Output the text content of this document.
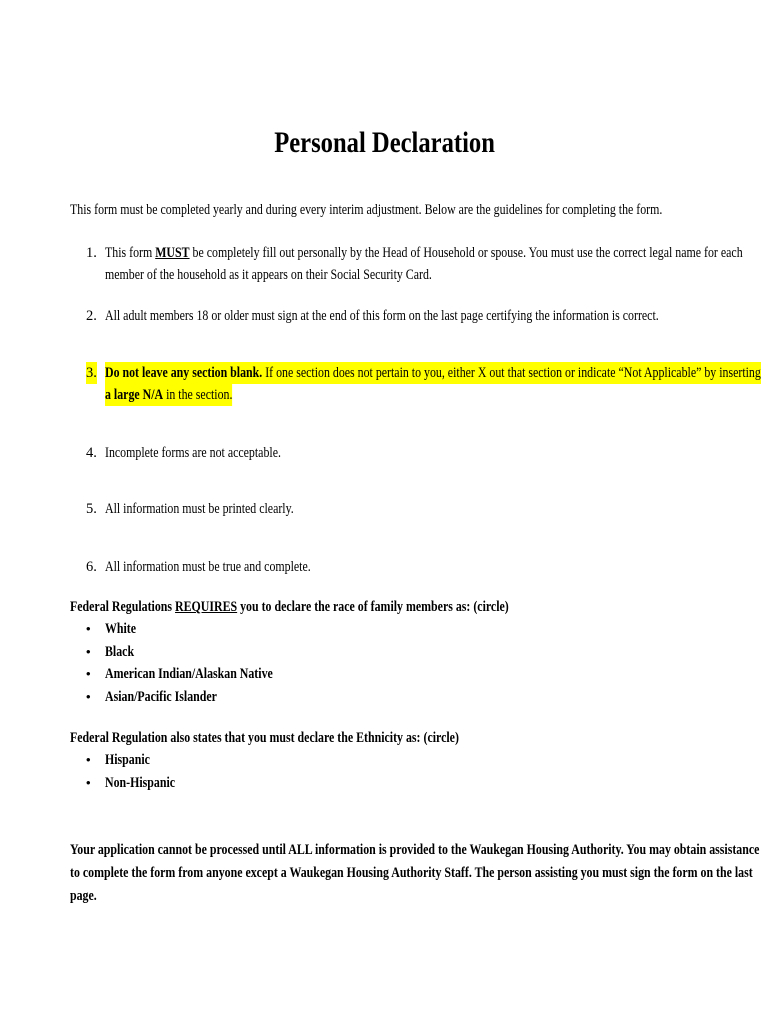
Personal Declaration
This form must be completed yearly and during every interim adjustment. Below are the guidelines for completing the form.
1. This form MUST be completely fill out personally by the Head of Household or spouse. You must use the correct legal name for each
member of the household as it appears on their Social Security Card.
2. All adult members 18 or older must sign at the end of this form on the last page certifying the information is correct.
3. Do not leave any section blank. If one section does not pertain to you, either X out that section or indicate “Not Applicable” by inserting
a large N/A in the section.
4. Incomplete forms are not acceptable.
5. All information must be printed clearly.
6. All information must be true and complete.
Federal Regulations REQUIRES you to declare the race of family members as: (circle)
• White
• Black
• American Indian/Alaskan Native
• Asian/Pacific Islander
Federal Regulation also states that you must declare the Ethnicity as: (circle)
• Hispanic
• Non-Hispanic
Your application cannot be processed until ALL information is provided to the Waukegan Housing Authority. You may obtain assistance
to complete the form from anyone except a Waukegan Housing Authority Staff. The person assisting you must sign the form on the last
page.
